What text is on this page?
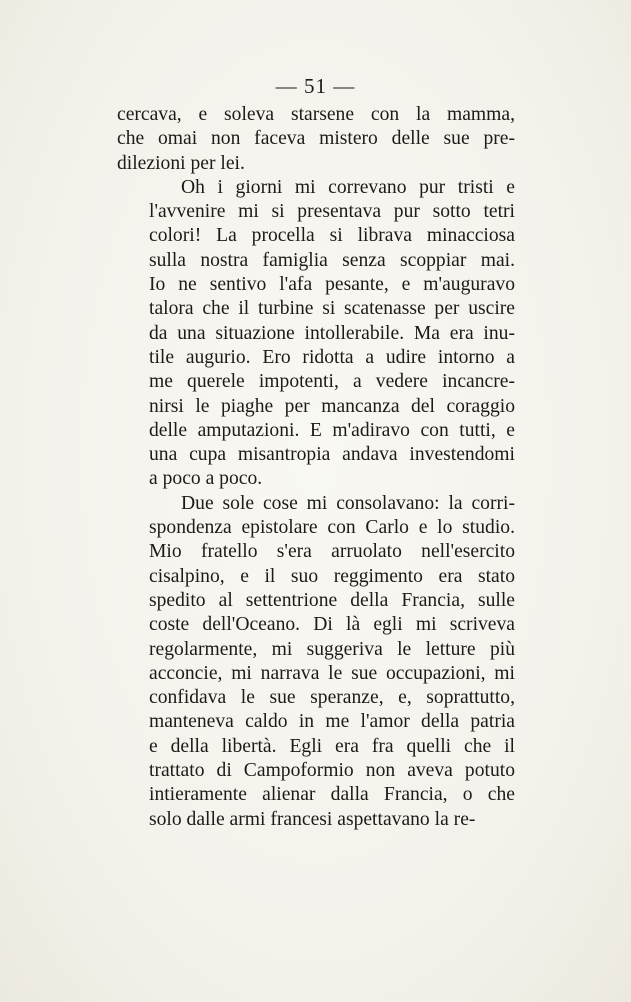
— 51 —

cercava, e soleva starsene con la mamma,
che omai non faceva mistero delle sue pre-
dilezioni per lei.

Oh i giorni mi correvano pur tristi e
l'avvenire mi si presentava pur sotto tetri
colori! La procella si librava minacciosa
sulla nostra famiglia senza scoppiar mai.
Io ne sentivo l'afa pesante, e m'auguravo
talora che il turbine si scatenasse per uscire
da una situazione intollerabile. Ma era inu-
tile augurio. Ero ridotta a udire intorno a
me querele impotenti, a vedere incancre-
nirsi le piaghe per mancanza del coraggio
delle amputazioni. E m'adiravo con tutti, e
una cupa misantropia andava investendomi
a poco a poco.

Due sole cose mi consolavano: la corri-
spondenza epistolare con Carlo e lo studio.
Mio fratello s'era arruolato nell'esercito
cisalpino, e il suo reggimento era stato
spedito al settentrione della Francia, sulle
coste dell'Oceano. Di là egli mi scriveva
regolarmente, mi suggeriva le letture più
acconcie, mi narrava le sue occupazioni, mi
confidava le sue speranze, e, soprattutto,
manteneva caldo in me l'amor della patria
e della libertà. Egli era fra quelli che il
trattato di Campoformio non aveva potuto
intieramente alienar dalla Francia, o che
solo dalle armi francesi aspettavano la re-
